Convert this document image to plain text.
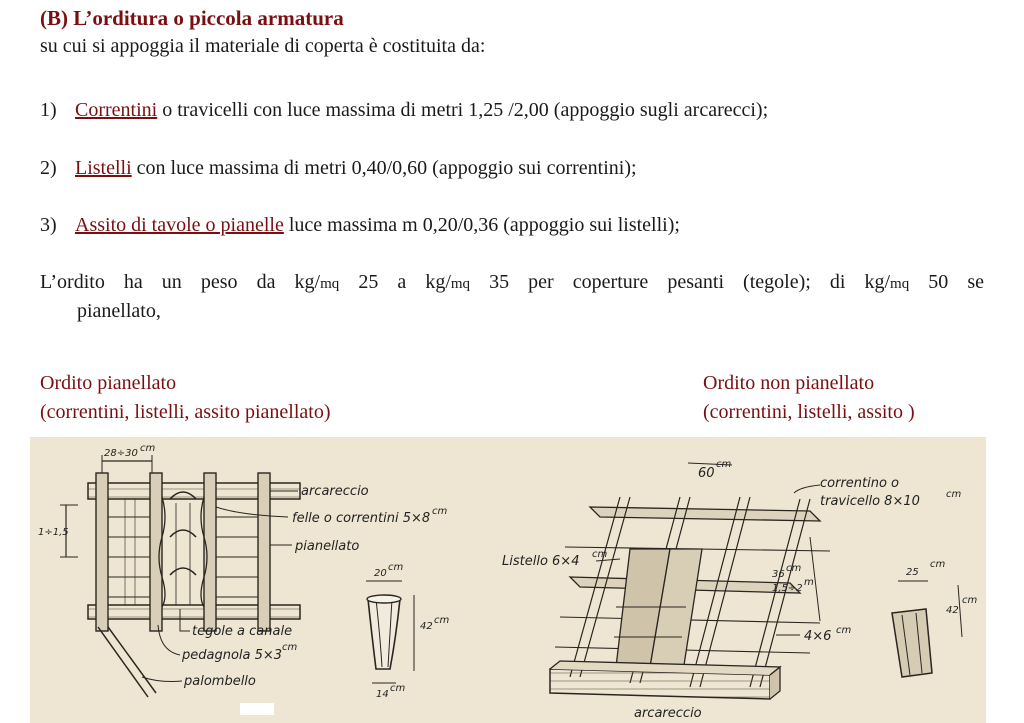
(B) L’orditura o piccola armatura
su cui si appoggia il materiale di coperta è costituita da:
1) Correntini o travicelli con luce massima di metri 1,25 /2,00 (appoggio sugli arcarecci);
2) Listelli con luce massima di metri 0,40/0,60 (appoggio sui correntini);
3) Assito di tavole o pianelle luce massima m 0,20/0,36 (appoggio sui listelli);
L’ordito ha un peso da kg/mq 25 a kg/mq 35 per coperture pesanti (tegole); di kg/mq 50 se
pianellato,
Ordito pianellato
(correntini, listelli, assito pianellato)
Ordito non pianellato
(correntini, listelli, assito )
28÷30 cm
1÷1,5
arcareccio
felle o correntini 5×8 cm
pianellato
tegole a canale
pedagnola 5×3
cm
palombello
20
cm
42
cm
14
cm
60
cm
correntino o
travicello 8×10	cm
Listello 6×4 cm
36
cm
1,5÷2
m
4×6 cm
arcareccio
25
cm
42
cm
